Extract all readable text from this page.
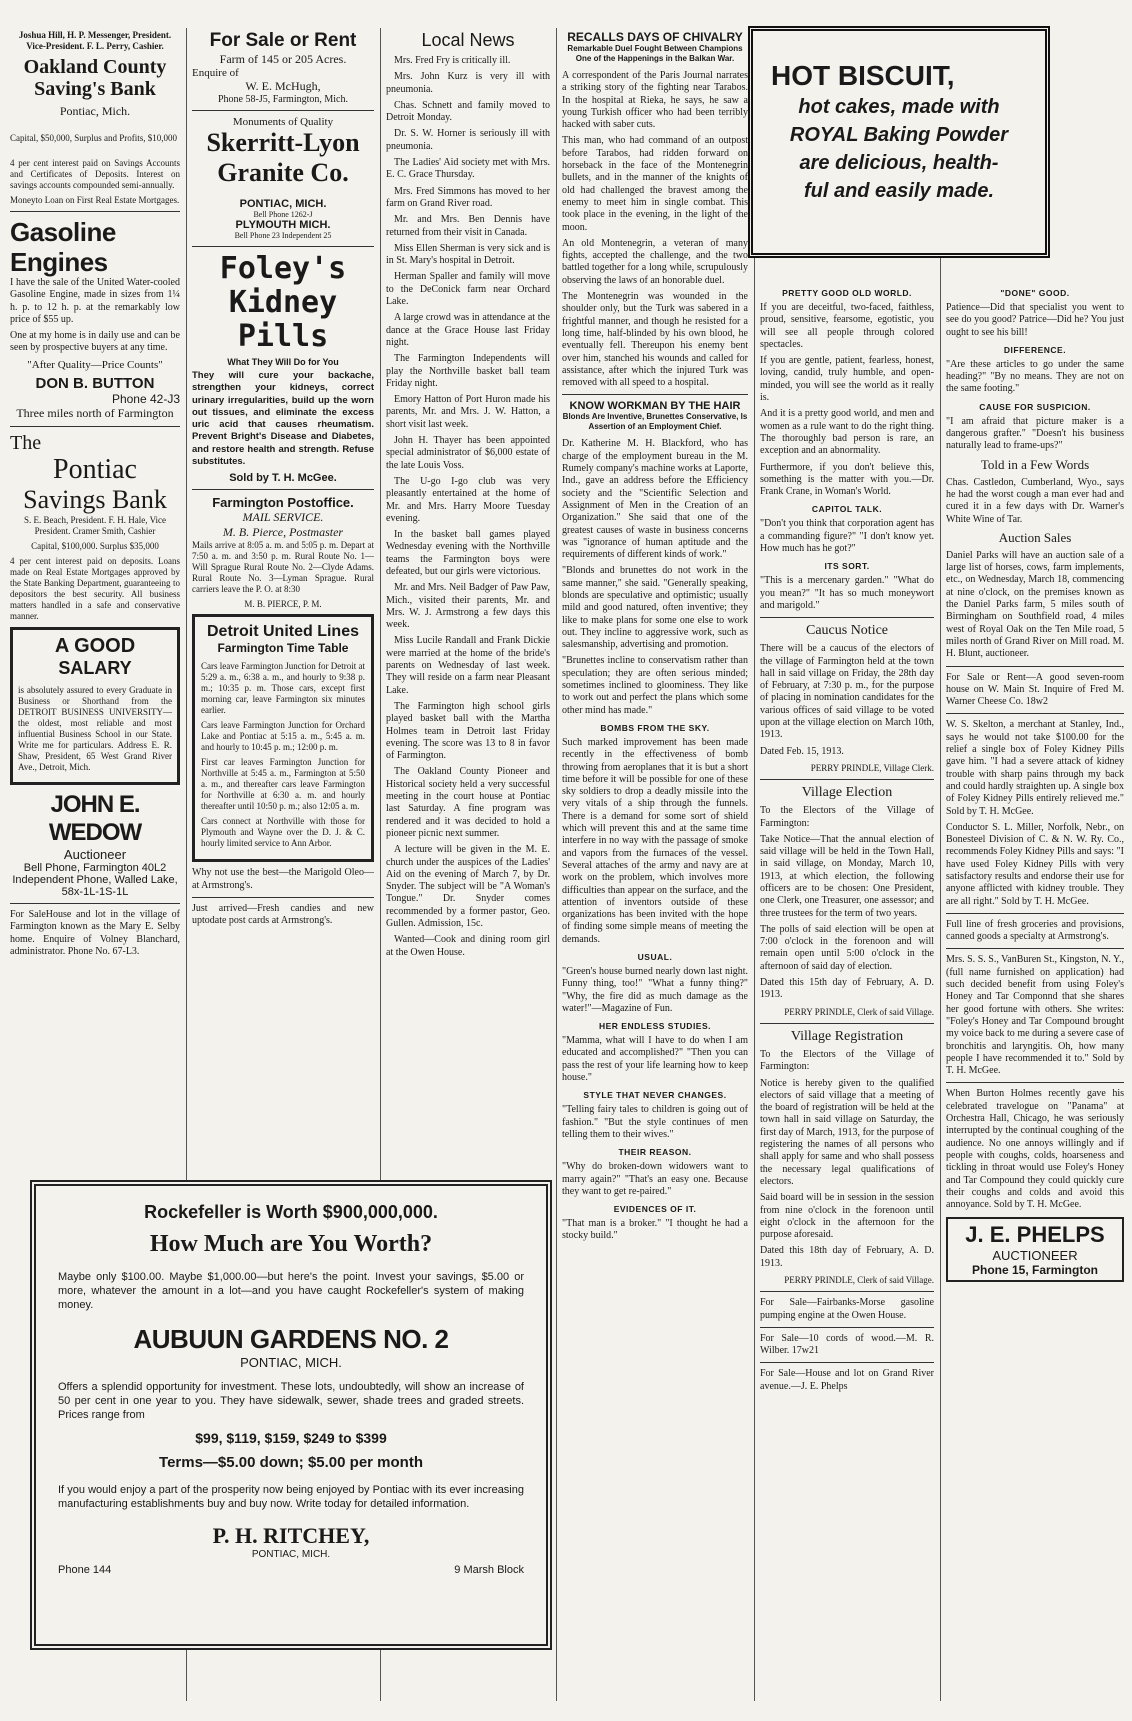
Joshua Hill, H. P. Messenger, President. Vice-President. F. L. Perry, Cashier.

Oakland County Saving's Bank
Pontiac, Mich.

Capital, $50,000, Surplus and Profits, $10,000

4 per cent interest paid on Savings Accounts and Certificates of Deposits. Interest on savings accounts compounded semi-annually.

Moneyto Loan on First Real Estate Mortgages.

Gasoline Engines

I have the sale of the United Water-cooled Gasoline Engine, made in sizes from 1¼ h. p. to 12 h. p. at the remarkably low price of $55 up.

One at my home is in daily use and can be seen by prospective buyers at any time.

"After Quality—Price Counts"

DON B. BUTTON
Phone 42-J3
Three miles north of Farmington
The
Pontiac
Savings Bank

S. E. Beach, President. F. H. Hale, Vice President. Cramer Smith, Cashier

Capital, $100,000. Surplus $35,000

4 per cent interest paid on deposits. Loans made on Real Estate Mortgages approved by the State Banking Department, guaranteeing to depositors the best security. All business matters handled in a safe and conservative manner.

A GOOD
SALARY

is absolutely assured to every Graduate in Business or Shorthand from the DETROIT BUSINESS UNIVERSITY—the oldest, most reliable and most influential Business School in our State. Write me for particulars. Address E. R. Shaw, President, 65 West Grand River Ave., Detroit, Mich.

JOHN E. WEDOW
Auctioneer
Bell Phone, Farmington 40L2
Independent Phone, Walled Lake, 58x-1L-1S-1L

For SaleHouse and lot in the village of Farmington known as the Mary E. Selby home. Enquire of Volney Blanchard, administrator. Phone No. 67-L3.

For Sale or Rent
Farm of 145 or 205 Acres.
Enquire of
W. E. McHugh,
Phone 58-J5, Farmington, Mich.
Monuments of Quality
Skerritt-Lyon
Granite Co.
PONTIAC, MICH.
Bell Phone 1262-J
PLYMOUTH MICH.
Bell Phone 23 Independent 25
Foley's
Kidney
Pills
What They Will Do for You

They will cure your backache, strengthen your kidneys, correct urinary irregularities, build up the worn out tissues, and eliminate the excess uric acid that causes rheumatism. Prevent Bright's Disease and Diabetes, and restore health and strength. Refuse substitutes.

Sold by T. H. McGee.
Farmington Postoffice.
MAIL SERVICE.
M. B. Pierce, Postmaster

Mails arrive at 8:05 a. m. and 5:05 p. m. Depart at 7:50 a. m. and 3:50 p. m. Rural Route No. 1—Will Sprague Rural Route No. 2—Clyde Adams. Rural Route No. 3—Lyman Sprague. Rural carriers leave the P. O. at 8:30

M. B. PIERCE, P. M.
Detroit United Lines
Farmington Time Table

Cars leave Farmington Junction for Detroit at 5:29 a. m., 6:38 a. m., and hourly to 9:38 p. m.; 10:35 p. m. Those cars, except first morning car, leave Farmington six minutes earlier.

Cars leave Farmington Junction for Orchard Lake and Pontiac at 5:15 a. m., 5:45 a. m. and hourly to 10:45 p. m.; 12:00 p. m.

First car leaves Farmington Junction for Northville at 5:45 a. m., Farmington at 5:50 a. m., and thereafter cars leave Farmington for Northville at 6:30 a. m. and hourly thereafter until 10:50 p. m.; also 12:05 a. m.

Cars connect at Northville with those for Plymouth and Wayne over the D. J. & C. hourly limited service to Ann Arbor.

Why not use the best—the Marigold Oleo—at Armstrong's.

Just arrived—Fresh candies and new uptodate post cards at Armstrong's.

Local News

Mrs. Fred Fry is critically ill.

Mrs. John Kurz is very ill with pneumonia.

Chas. Schnett and family moved to Detroit Monday.

Dr. S. W. Horner is seriously ill with pneumonia.

The Ladies' Aid society met with Mrs. E. C. Grace Thursday.

Mrs. Fred Simmons has moved to her farm on Grand River road.

Mr. and Mrs. Ben Dennis have returned from their visit in Canada.

Miss Ellen Sherman is very sick and is in St. Mary's hospital in Detroit.

Herman Spaller and family will move to the DeConick farm near Orchard Lake.

A large crowd was in attendance at the dance at the Grace House last Friday night.

The Farmington Independents will play the Northville basket ball team Friday night.

Emory Hatton of Port Huron made his parents, Mr. and Mrs. J. W. Hatton, a short visit last week.

John H. Thayer has been appointed special administrator of $6,000 estate of the late Louis Voss.

The U-go I-go club was very pleasantly entertained at the home of Mr. and Mrs. Harry Moore Tuesday evening.

In the basket ball games played Wednesday evening with the Northville teams the Farmington boys were defeated, but our girls were victorious.

Mr. and Mrs. Neil Badger of Paw Paw, Mich., visited their parents, Mr. and Mrs. W. J. Armstrong a few days this week.

Miss Lucile Randall and Frank Dickie were married at the home of the bride's parents on Wednesday of last week. They will reside on a farm near Pleasant Lake.

The Farmington high school girls played basket ball with the Martha Holmes team in Detroit last Friday evening. The score was 13 to 8 in favor of Farmington.

The Oakland County Pioneer and Historical society held a very successful meeting in the court house at Pontiac last Saturday. A fine program was rendered and it was decided to hold a pioneer picnic next summer.

A lecture will be given in the M. E. church under the auspices of the Ladies' Aid on the evening of March 7, by Dr. Snyder. The subject will be "A Woman's Tongue." Dr. Snyder comes recommended by a former pastor, Geo. Gullen. Admission, 15c.

Wanted—Cook and dining room girl at the Owen House.

RECALLS DAYS OF CHIVALRY
Remarkable Duel Fought Between Champions One of the Happenings in the Balkan War.

A correspondent of the Paris Journal narrates a striking story of the fighting near Tarabos. In the hospital at Rieka, he says, he saw a young Turkish officer who had been terribly hacked with saber cuts.

This man, who had command of an outpost before Tarabos, had ridden forward on horseback in the face of the Montenegrin bullets, and in the manner of the knights of old had challenged the bravest among the enemy to meet him in single combat. This took place in the evening, in the light of the moon.

An old Montenegrin, a veteran of many fights, accepted the challenge, and the two battled together for a long while, scrupulously observing the laws of an honorable duel.

The Montenegrin was wounded in the shoulder only, but the Turk was sabered in a frightful manner, and though he resisted for a long time, half-blinded by his own blood, he eventually fell. Thereupon his enemy bent over him, stanched his wounds and called for assistance, after which the injured Turk was removed with all speed to a hospital.

KNOW WORKMAN BY THE HAIR
Blonds Are Inventive, Brunettes Conservative, Is Assertion of an Employment Chief.

Dr. Katherine M. H. Blackford, who has charge of the employment bureau in the M. Rumely company's machine works at Laporte, Ind., gave an address before the Efficiency society and the "Scientific Selection and Assignment of Men in the Creation of an Organization." She said that one of the greatest causes of waste in business concerns was "ignorance of human aptitude and the requirements of different kinds of work."

"Blonds and brunettes do not work in the same manner," she said. "Generally speaking, blonds are speculative and optimistic; usually mild and good natured, often inventive; they like to make plans for some one else to work out. They incline to aggressive work, such as salesmanship, advertising and promotion.

"Brunettes incline to conservatism rather than speculation; they are often serious minded; sometimes inclined to gloominess. They like to work out and perfect the plans which some other mind has made."

BOMBS FROM THE SKY.

Such marked improvement has been made recently in the effectiveness of bomb throwing from aeroplanes that it is but a short time before it will be possible for one of these sky soldiers to drop a deadly missile into the very vitals of a ship through the funnels. There is a demand for some sort of shield which will prevent this and at the same time interfere in no way with the passage of smoke and vapors from the furnaces of the vessel. Several attaches of the army and navy are at work on the problem, which involves more difficulties than appear on the surface, and the attention of inventors outside of these organizations has been invited with the hope of finding some simple means of meeting the demands.

USUAL.

"Green's house burned nearly down last night. Funny thing, too!" "What a funny thing?" "Why, the fire did as much damage as the water!"—Magazine of Fun.

HER ENDLESS STUDIES.

"Mamma, what will I have to do when I am educated and accomplished?" "Then you can pass the rest of your life learning how to keep house."

STYLE THAT NEVER CHANGES.

"Telling fairy tales to children is going out of fashion." "But the style continues of men telling them to their wives."

THEIR REASON.

"Why do broken-down widowers want to marry again?" "That's an easy one. Because they want to get re-paired."

EVIDENCES OF IT.

"That man is a broker." "I thought he had a stocky build."

HOT BISCUIT,
hot cakes, made with
ROYAL Baking Powder
are delicious, health-
ful and easily made.
PRETTY GOOD OLD WORLD.

If you are deceitful, two-faced, faithless, proud, sensitive, fearsome, egotistic, you will see all people through colored spectacles.

If you are gentle, patient, fearless, honest, loving, candid, truly humble, and open-minded, you will see the world as it really is.

And it is a pretty good world, and men and women as a rule want to do the right thing. The thoroughly bad person is rare, an exception and an abnormality.

Furthermore, if you don't believe this, something is the matter with you.—Dr. Frank Crane, in Woman's World.

CAPITOL TALK.

"Don't you think that corporation agent has a commanding figure?" "I don't know yet. How much has he got?"

ITS SORT.

"This is a mercenary garden." "What do you mean?" "It has so much moneywort and marigold."

Caucus Notice

There will be a caucus of the electors of the village of Farmington held at the town hall in said village on Friday, the 28th day of February, at 7:30 p. m., for the purpose of placing in nomination candidates for the various offices of said village to be voted upon at the village election on March 10th, 1913.

Dated Feb. 15, 1913.

PERRY PRINDLE, Village Clerk.

Village Election

To the Electors of the Village of Farmington:

Take Notice—That the annual election of said village will be held in the Town Hall, in said village, on Monday, March 10, 1913, at which election, the following officers are to be chosen: One President, one Clerk, one Treasurer, one assessor; and three trustees for the term of two years.

The polls of said election will be open at 7:00 o'clock in the forenoon and will remain open until 5:00 o'clock in the afternoon of said day of election.

Dated this 15th day of February, A. D. 1913.

PERRY PRINDLE, Clerk of said Village.

Village Registration

To the Electors of the Village of Farmington:

Notice is hereby given to the qualified electors of said village that a meeting of the board of registration will be held at the town hall in said village on Saturday, the first day of March, 1913, for the purpose of registering the names of all persons who shall apply for same and who shall possess the necessary legal qualifications of electors.

Said board will be in session in the session from nine o'clock in the forenoon until eight o'clock in the afternoon for the purpose aforesaid.

Dated this 18th day of February, A. D. 1913.

PERRY PRINDLE, Clerk of said Village.

For Sale—Fairbanks-Morse gasoline pumping engine at the Owen House.

For Sale—10 cords of wood.—M. R. Wilber. 17w21

For Sale—House and lot on Grand River avenue.—J. E. Phelps

"DONE" GOOD.

Patience—Did that specialist you went to see do you good? Patrice—Did he? You just ought to see his bill!

DIFFERENCE.

"Are these articles to go under the same heading?" "By no means. They are not on the same footing."

CAUSE FOR SUSPICION.

"I am afraid that picture maker is a dangerous grafter." "Doesn't his business naturally lead to frame-ups?"

Told in a Few Words

Chas. Castledon, Cumberland, Wyo., says he had the worst cough a man ever had and cured it in a few days with Dr. Warner's White Wine of Tar.

Auction Sales

Daniel Parks will have an auction sale of a large list of horses, cows, farm implements, etc., on Wednesday, March 18, commencing at nine o'clock, on the premises known as the Daniel Parks farm, 5 miles south of Birmingham on Southfield road, 4 miles west of Royal Oak on the Ten Mile road, 5 miles north of Grand River on Mill road. M. H. Blunt, auctioneer.

For Sale or Rent—A good seven-room house on W. Main St. Inquire of Fred M. Warner Cheese Co. 18w2

W. S. Skelton, a merchant at Stanley, Ind., says he would not take $100.00 for the relief a single box of Foley Kidney Pills gave him. "I had a severe attack of kidney trouble with sharp pains through my back and could hardly straighten up. A single box of Foley Kidney Pills entirely relieved me." Sold by T. H. McGee.

Conductor S. L. Miller, Norfolk, Nebr., on Bonesteel Division of C. & N. W. Ry. Co., recommends Foley Kidney Pills and says: "I have used Foley Kidney Pills with very satisfactory results and endorse their use for anyone afflicted with kidney trouble. They are all right." Sold by T. H. McGee.

Full line of fresh groceries and provisions, canned goods a specialty at Armstrong's.

Mrs. S. S. S., VanBuren St., Kingston, N. Y., (full name furnished on application) had such decided benefit from using Foley's Honey and Tar Componnd that she shares her good fortune with others. She writes: "Foley's Honey and Tar Compound brought my voice back to me during a severe case of bronchitis and laryngitis. Oh, how many people I have recommended it to." Sold by T. H. McGee.

When Burton Holmes recently gave his celebrated travelogue on "Panama" at Orchestra Hall, Chicago, he was seriously interrupted by the continual coughing of the audience. No one annoys willingly and if people with coughs, colds, hoarseness and tickling in throat would use Foley's Honey and Tar Compound they could quickly cure their coughs and colds and avoid this annoyance. Sold by T. H. McGee.

J. E. PHELPS
AUCTIONEER
Phone 15, Farmington
Rockefeller is Worth $900,000,000.
How Much are You Worth?
Maybe only $100.00. Maybe $1,000.00—but here's the point. Invest your savings, $5.00 or more, whatever the amount in a lot—and you have caught Rockefeller's system of making money.
AUBUUN GARDENS NO. 2
PONTIAC, MICH.
Offers a splendid opportunity for investment. These lots, undoubtedly, will show an increase of 50 per cent in one year to you. They have sidewalk, sewer, shade trees and graded streets. Prices range from
$99, $119, $159, $249 to $399
Terms—$5.00 down; $5.00 per month
If you would enjoy a part of the prosperity now being enjoyed by Pontiac with its ever increasing manufacturing establishments buy and buy now. Write today for detailed information.
P. H. RITCHEY,
PONTIAC, MICH.
Phone 144	9 Marsh Block
